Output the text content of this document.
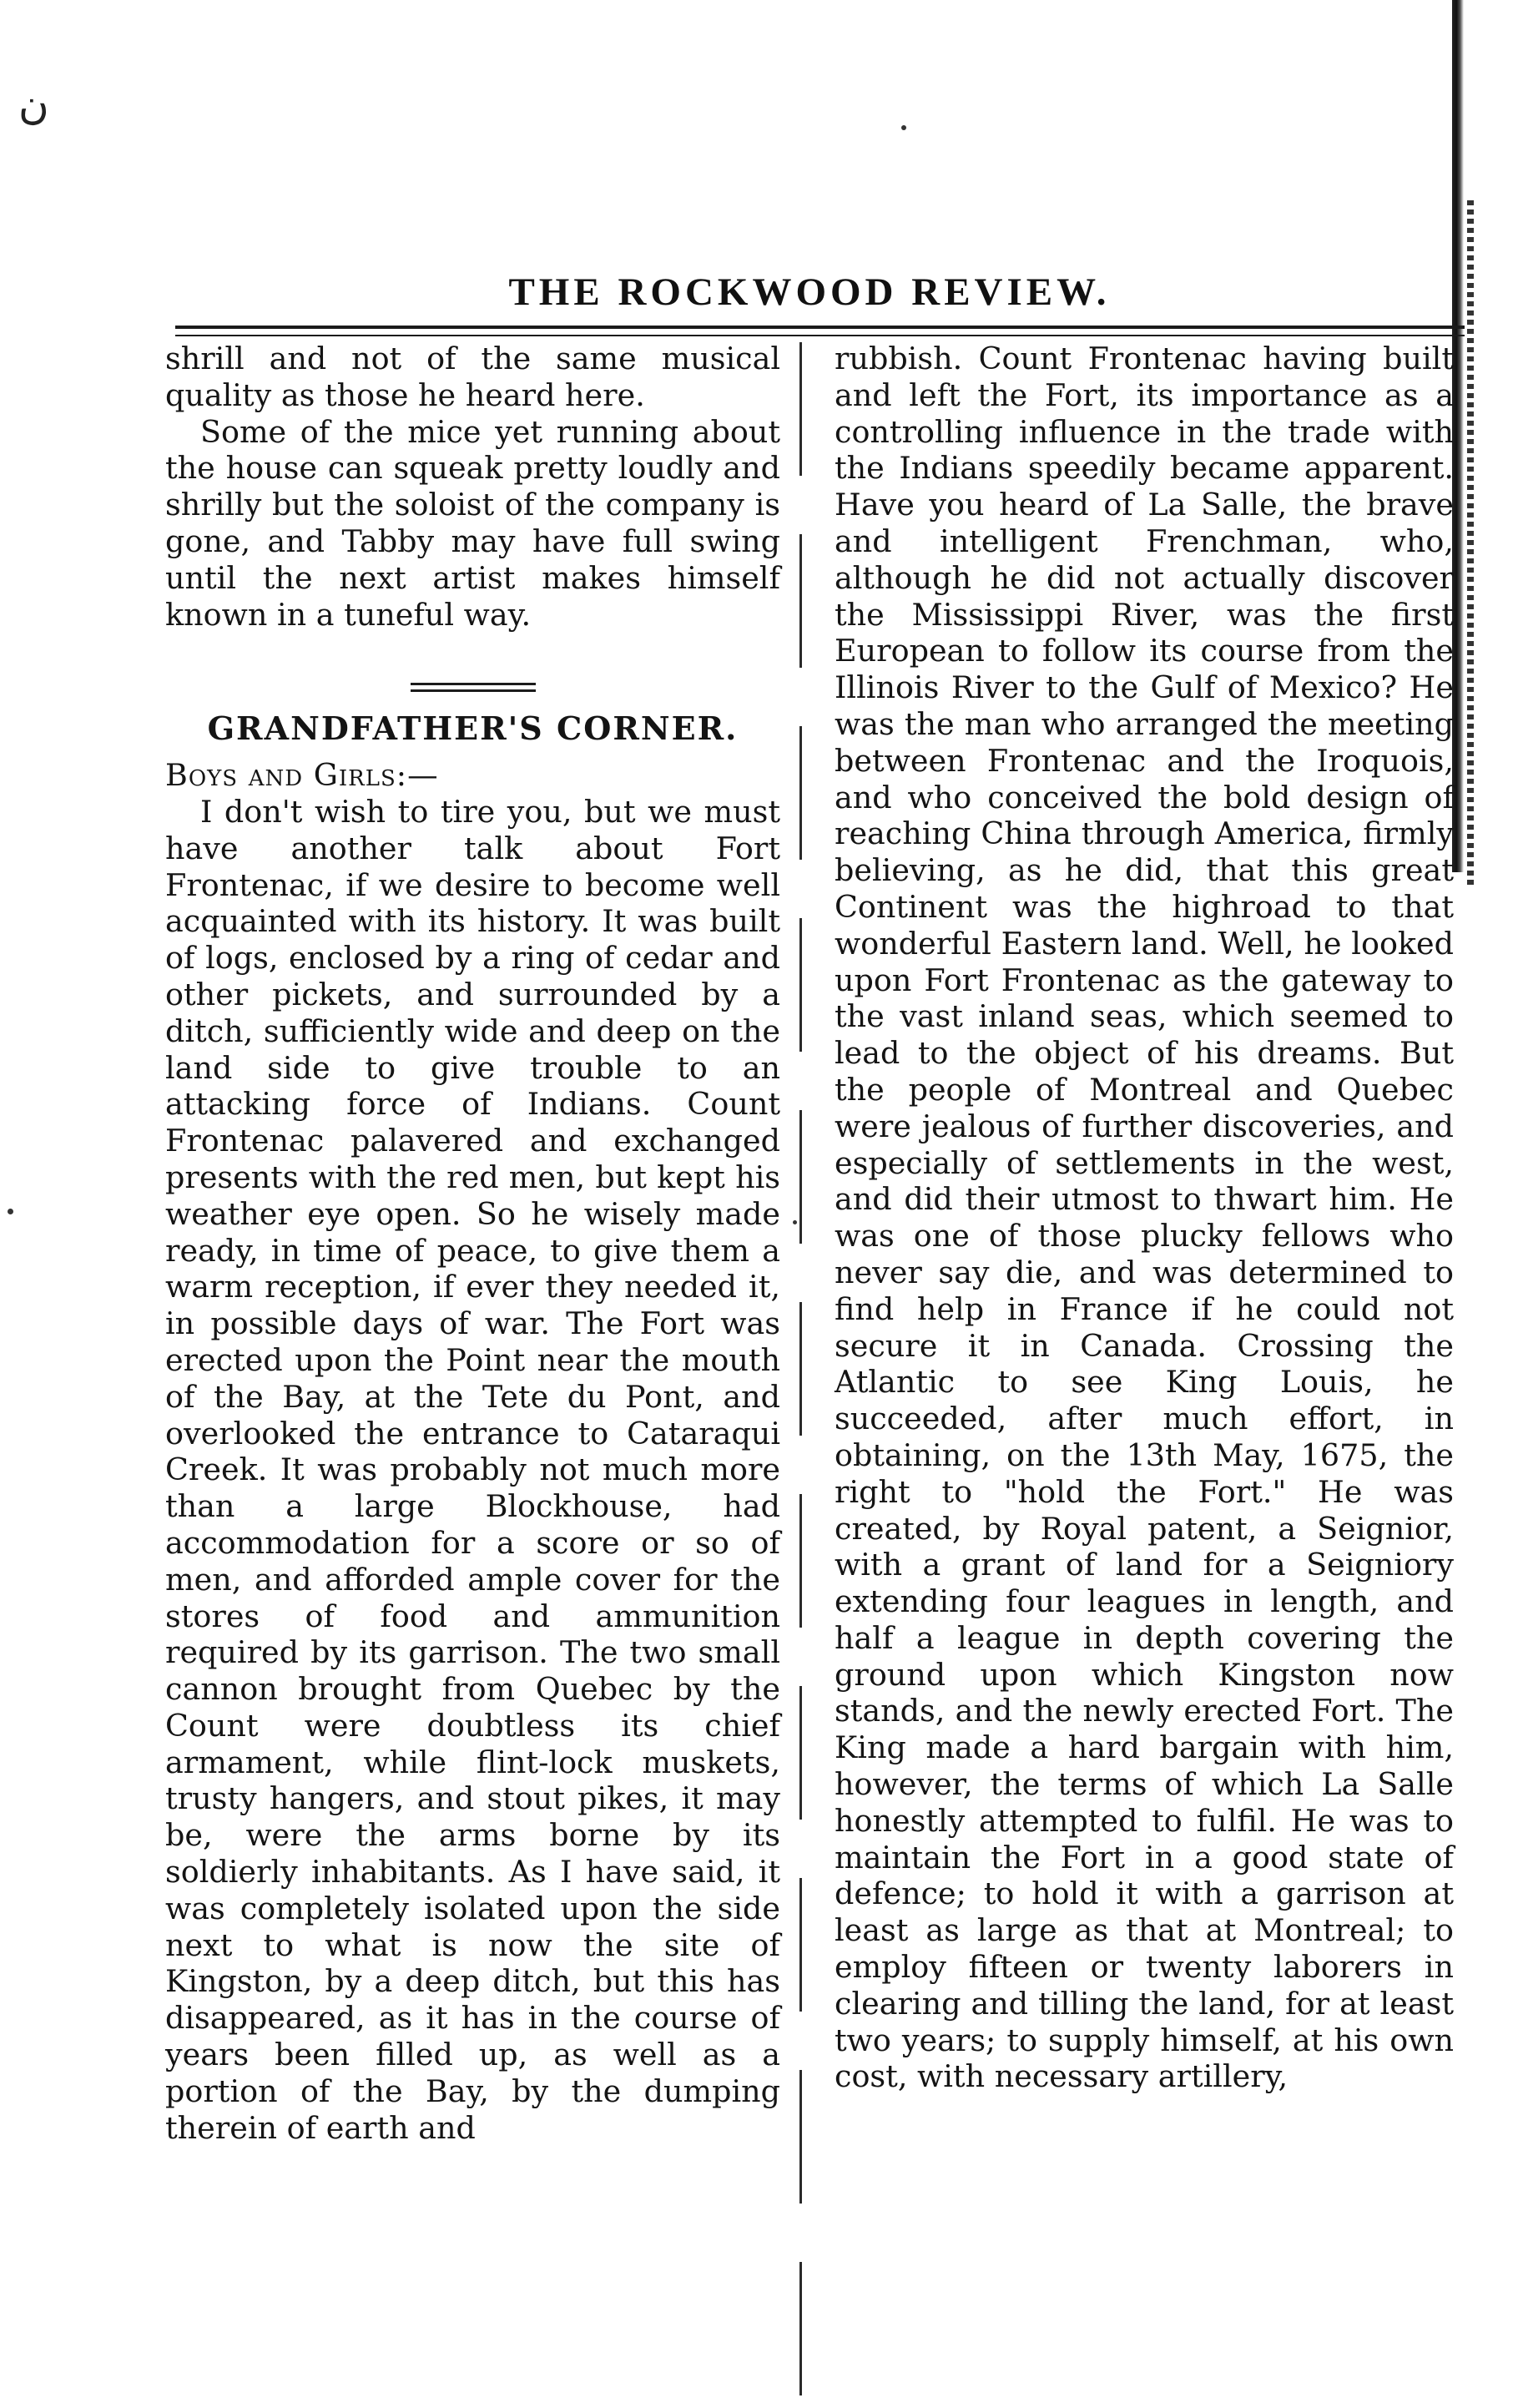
ن
THE ROCKWOOD REVIEW.

shrill and not of the same musical quality as those he heard here.

Some of the mice yet running about the house can squeak pretty loudly and shrilly but the soloist of the company is gone, and Tabby may have full swing until the next artist makes himself known in a tuneful way.

GRANDFATHER'S CORNER.

Boys and Girls:—

I don't wish to tire you, but we must have another talk about Fort Frontenac, if we desire to become well acquainted with its history. It was built of logs, enclosed by a ring of cedar and other pickets, and surrounded by a ditch, sufficiently wide and deep on the land side to give trouble to an attacking force of Indians. Count Frontenac palavered and exchanged presents with the red men, but kept his weather eye open. So he wisely made ready, in time of peace, to give them a warm reception, if ever they needed it, in possible days of war. The Fort was erected upon the Point near the mouth of the Bay, at the Tete du Pont, and overlooked the entrance to Cataraqui Creek. It was probably not much more than a large Blockhouse, had accommodation for a score or so of men, and afforded ample cover for the stores of food and ammunition required by its garrison. The two small cannon brought from Quebec by the Count were doubtless its chief armament, while flint-lock muskets, trusty hangers, and stout pikes, it may be, were the arms borne by its soldierly inhabitants. As I have said, it was completely isolated upon the side next to what is now the site of Kingston, by a deep ditch, but this has disappeared, as it has in the course of years been filled up, as well as a portion of the Bay, by the dumping therein of earth and

rubbish. Count Frontenac having built and left the Fort, its importance as a controlling influence in the trade with the Indians speedily became apparent. Have you heard of La Salle, the brave and intelligent Frenchman, who, although he did not actually discover the Mississippi River, was the first European to follow its course from the Illinois River to the Gulf of Mexico? He was the man who arranged the meeting between Frontenac and the Iroquois, and who conceived the bold design of reaching China through America, firmly believing, as he did, that this great Continent was the highroad to that wonderful Eastern land. Well, he looked upon Fort Frontenac as the gateway to the vast inland seas, which seemed to lead to the object of his dreams. But the people of Montreal and Quebec were jealous of further discoveries, and especially of settlements in the west, and did their utmost to thwart him. He was one of those plucky fellows who never say die, and was determined to find help in France if he could not secure it in Canada. Crossing the Atlantic to see King Louis, he succeeded, after much effort, in obtaining, on the 13th May, 1675, the right to "hold the Fort." He was created, by Royal patent, a Seignior, with a grant of land for a Seigniory extending four leagues in length, and half a league in depth covering the ground upon which Kingston now stands, and the newly erected Fort. The King made a hard bargain with him, however, the terms of which La Salle honestly attempted to fulfil. He was to maintain the Fort in a good state of defence; to hold it with a garrison at least as large as that at Montreal; to employ fifteen or twenty laborers in clearing and tilling the land, for at least two years; to supply himself, at his own cost, with necessary artillery,
